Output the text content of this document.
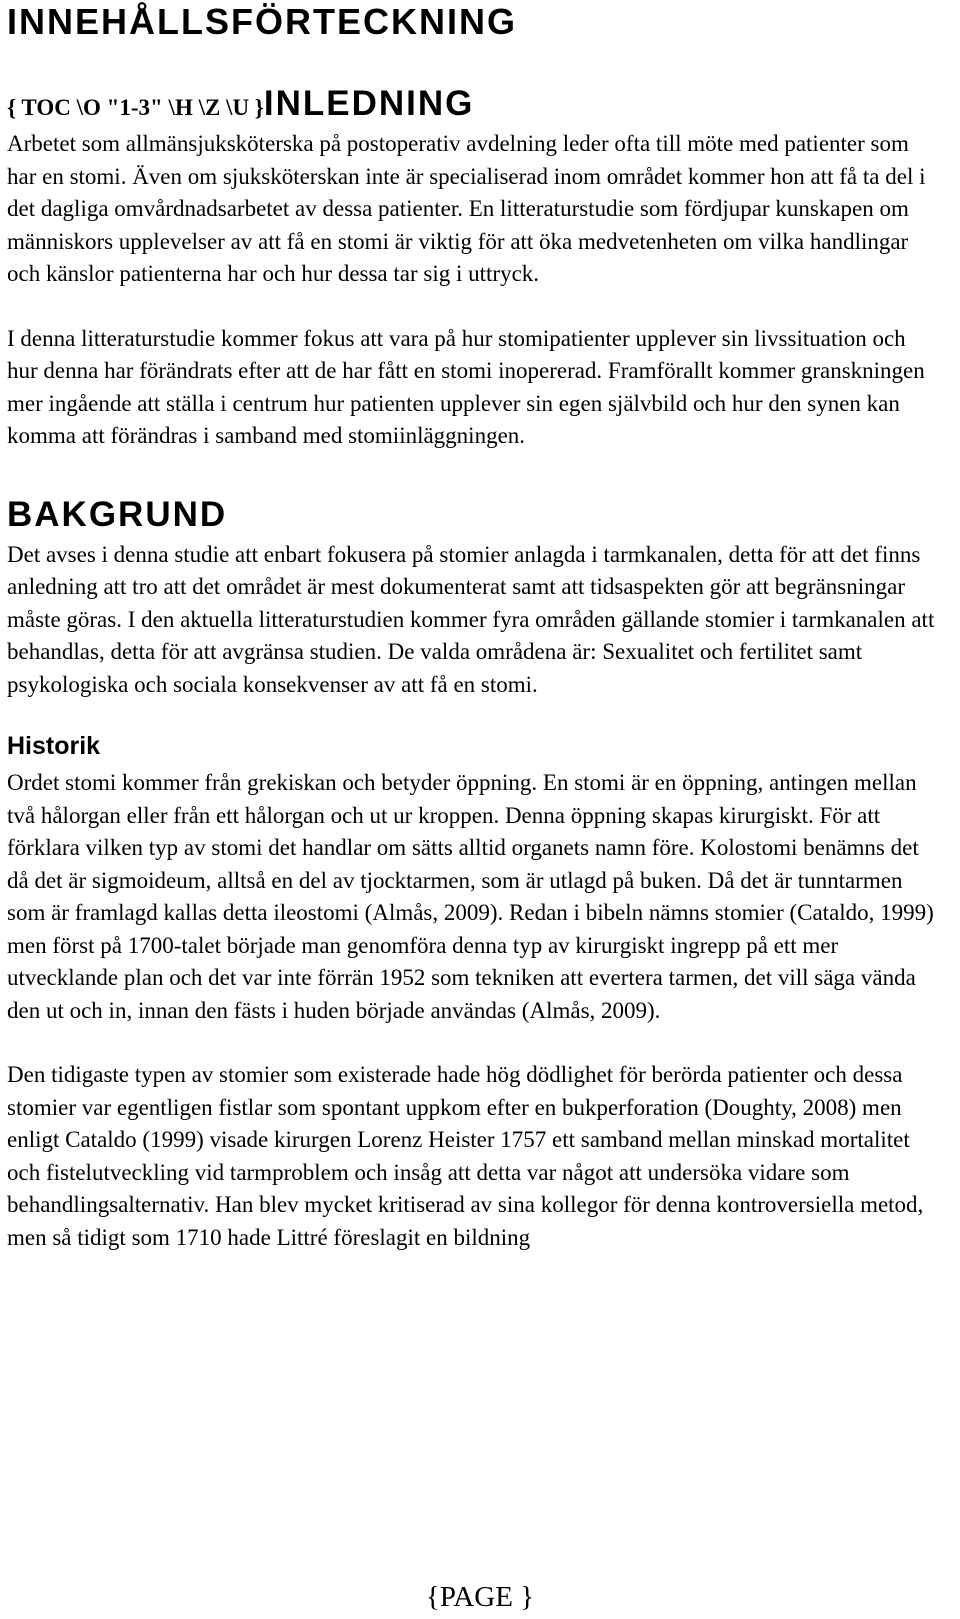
INNEHÅLLSFÖRTECKNING
{ TOC \O "1-3" \H \Z \U }INLEDNING

Arbetet som allmänsjuksköterska på postoperativ avdelning leder ofta till möte med patienter som har en stomi. Även om sjuksköterskan inte är specialiserad inom området kommer hon att få ta del i det dagliga omvårdnadsarbetet av dessa patienter. En litteraturstudie som fördjupar kunskapen om människors upplevelser av att få en stomi är viktig för att öka medvetenheten om vilka handlingar och känslor patienterna har och hur dessa tar sig i uttryck.

I denna litteraturstudie kommer fokus att vara på hur stomipatienter upplever sin livssituation och hur denna har förändrats efter att de har fått en stomi inopererad. Framförallt kommer granskningen mer ingående att ställa i centrum hur patienten upplever sin egen självbild och hur den synen kan komma att förändras i samband med stomiinläggningen.

BAKGRUND

Det avses i denna studie att enbart fokusera på stomier anlagda i tarmkanalen, detta för att det finns anledning att tro att det området är mest dokumenterat samt att tidsaspekten gör att begränsningar måste göras. I den aktuella litteraturstudien kommer fyra områden gällande stomier i tarmkanalen att behandlas, detta för att avgränsa studien. De valda områdena är: Sexualitet och fertilitet samt psykologiska och sociala konsekvenser av att få en stomi.

Historik

Ordet stomi kommer från grekiskan och betyder öppning. En stomi är en öppning, antingen mellan två hålorgan eller från ett hålorgan och ut ur kroppen. Denna öppning skapas kirurgiskt. För att förklara vilken typ av stomi det handlar om sätts alltid organets namn före. Kolostomi benämns det då det är sigmoideum, alltså en del av tjocktarmen, som är utlagd på buken. Då det är tunntarmen som är framlagd kallas detta ileostomi (Almås, 2009). Redan i bibeln nämns stomier (Cataldo, 1999) men först på 1700-talet började man genomföra denna typ av kirurgiskt ingrepp på ett mer utvecklande plan och det var inte förrän 1952 som tekniken att evertera tarmen, det vill säga vända den ut och in, innan den fästs i huden började användas (Almås, 2009).

Den tidigaste typen av stomier som existerade hade hög dödlighet för berörda patienter och dessa stomier var egentligen fistlar som spontant uppkom efter en bukperforation (Doughty, 2008) men enligt Cataldo (1999) visade kirurgen Lorenz Heister 1757 ett samband mellan minskad mortalitet och fistelutveckling vid tarmproblem och insåg att detta var något att undersöka vidare som behandlingsalternativ. Han blev mycket kritiserad av sina kollegor för denna kontroversiella metod, men så tidigt som 1710 hade Littré föreslagit en bildning

{PAGE }
